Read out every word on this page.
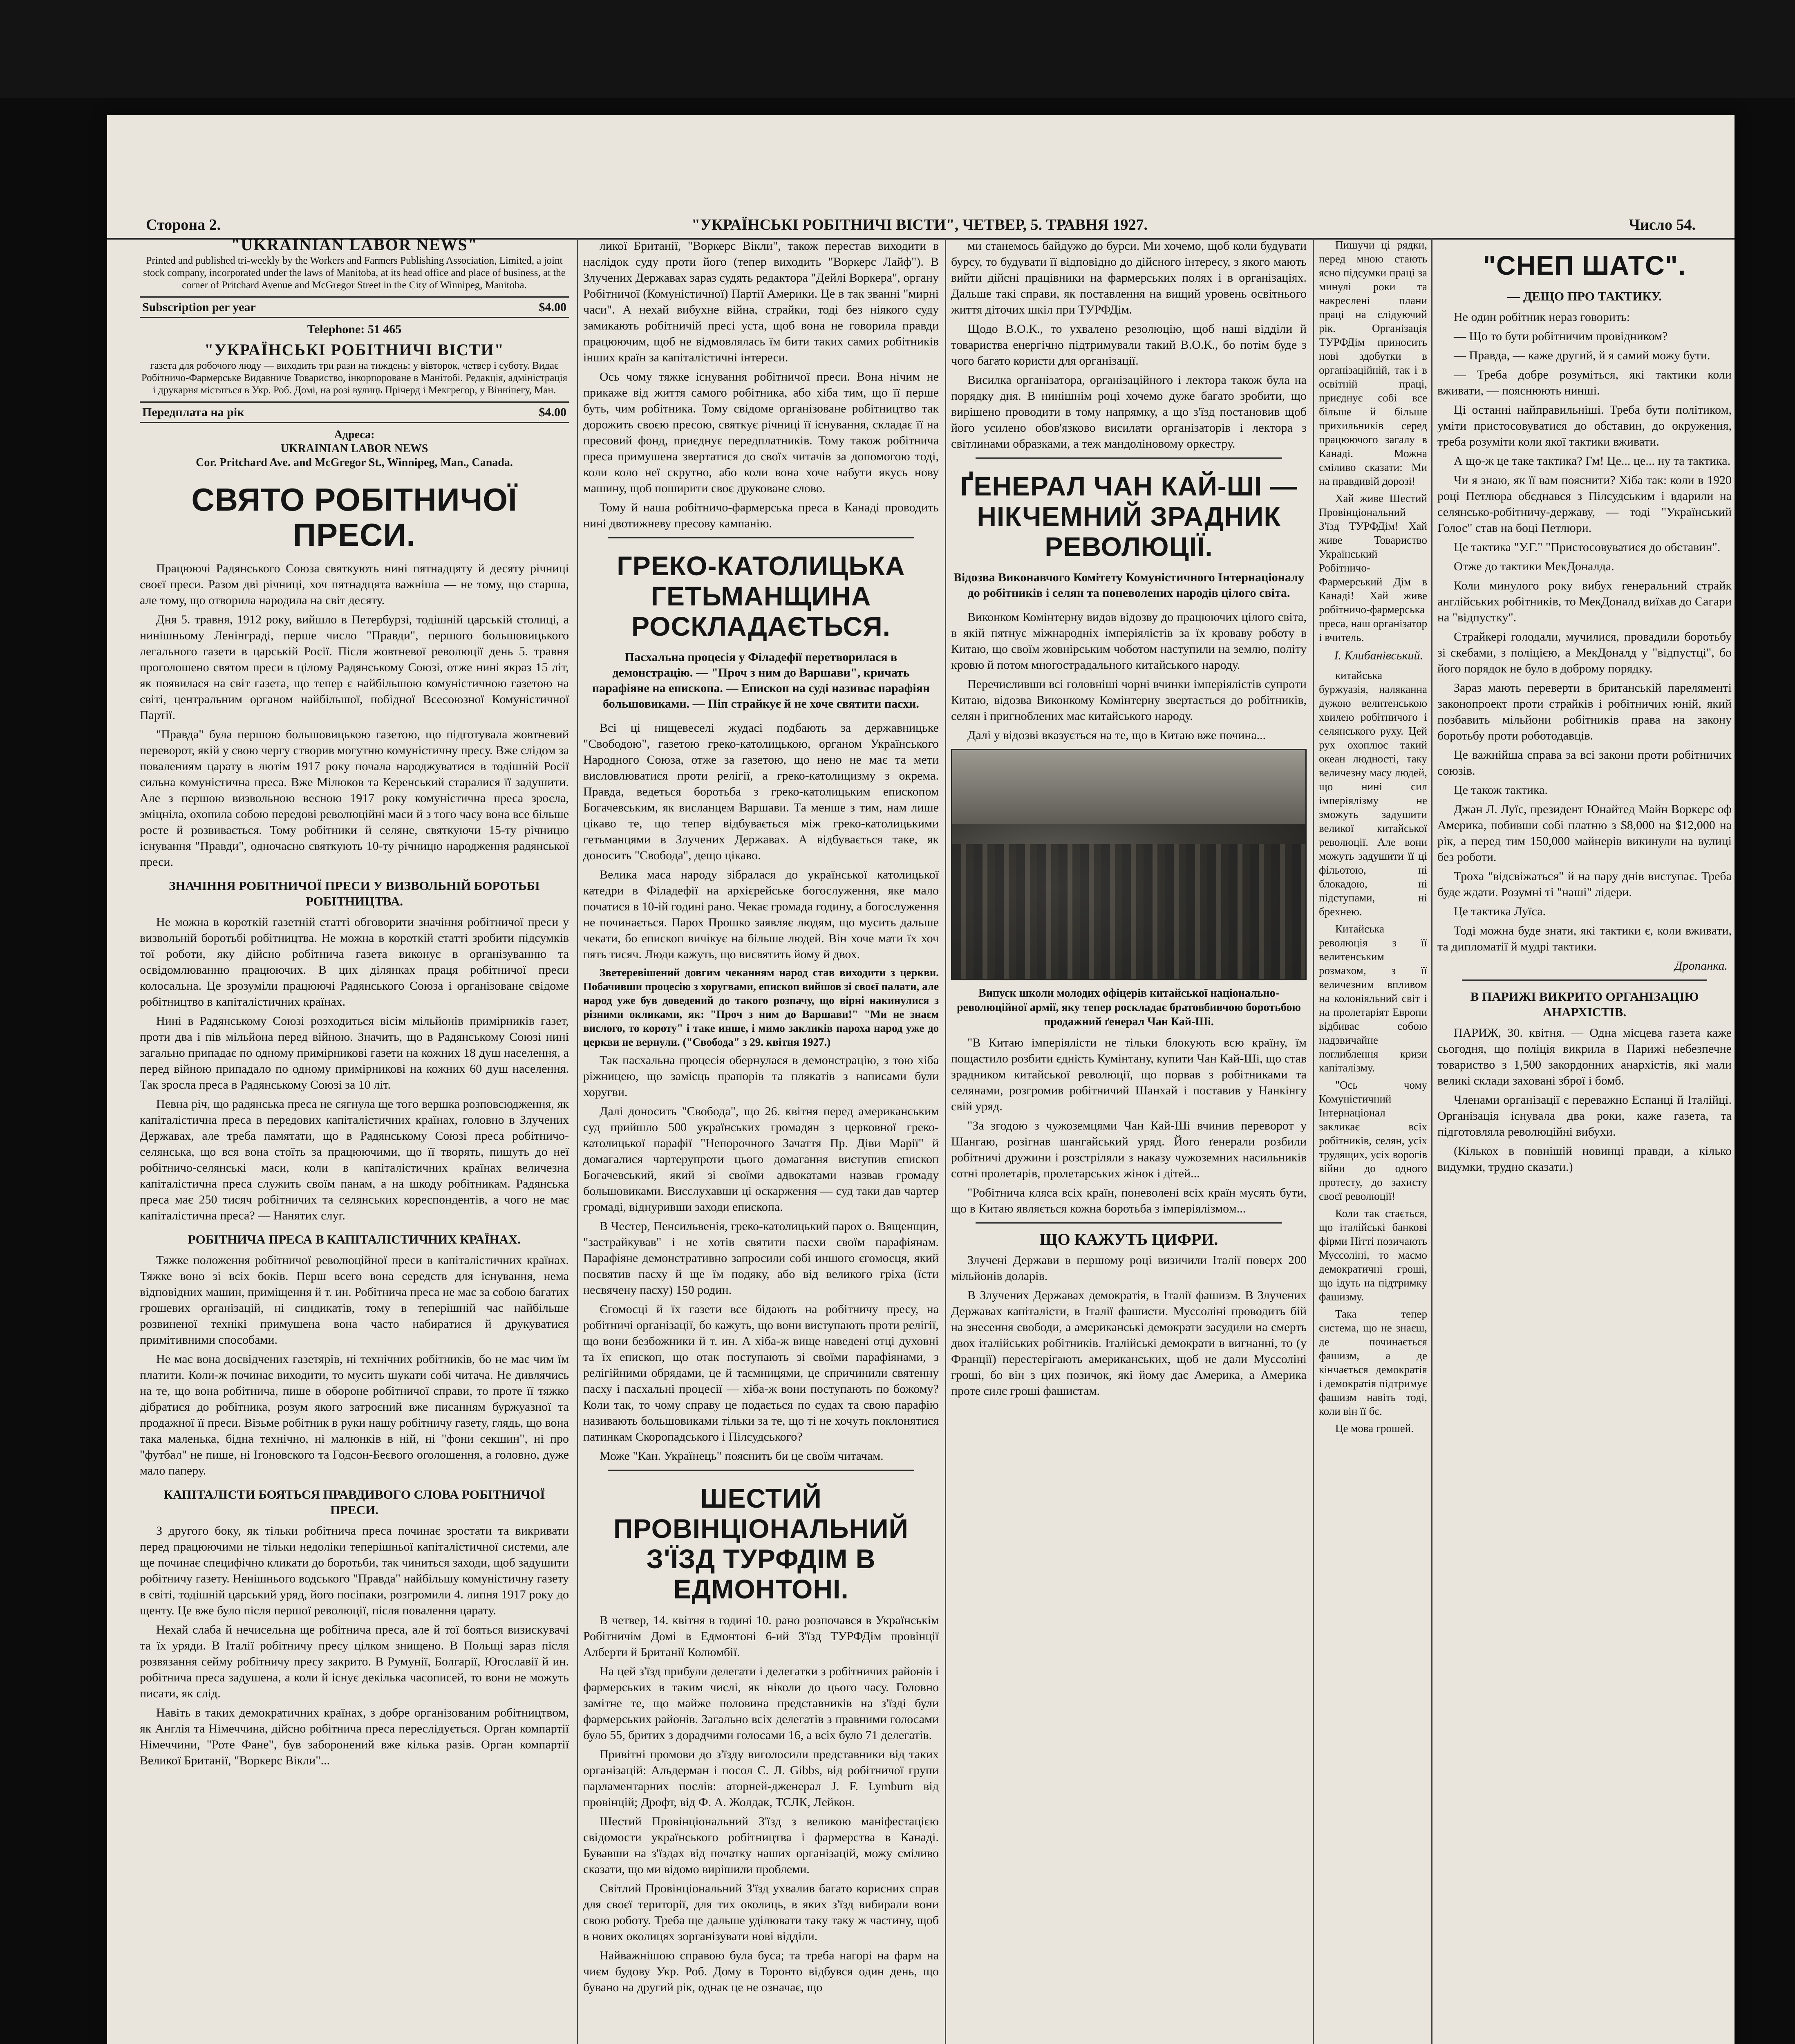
Сторона 2.	"УКРАЇНСЬКІ РОБІТНИЧІ ВІСТИ", ЧЕТВЕР, 5. ТРАВНЯ 1927.	Число 54.
"UKRAINIAN LABOR NEWS"
Printed and published tri-weekly by the Workers and Farmers Publishing Association, Limited, a joint stock company, incorporated under the laws of Manitoba, at its head office and place of business, at the corner of Pritchard Avenue and McGregor Street in the City of Winnipeg, Manitoba.
Subscription per year	$4.00
Telephone: 51 465
"УКРАЇНСЬКІ РОБІТНИЧІ ВІСТИ"
газета для робочого люду — виходить три рази на тиждень: у вівторок, четвер і суботу. Видає Робітничо-Фармерське Видавниче Товариство, інкорпороване в Манітобі. Редакція, адміністрація і друкарня містяться в Укр. Роб. Домі, на розі вулиць Прічерд і Мекгрегор, у Вінніпегу, Ман.
Передплата на рік	$4.00
Адреса:
UKRAINIAN LABOR NEWS
Cor. Pritchard Ave. and McGregor St., Winnipeg, Man., Canada.
СВЯТО РОБІТНИЧОЇ ПРЕСИ.

Працюючі Радянського Союза святкують нині пятнадцяту й десяту річниці своєї преси. Разом дві річниці, хоч пятнадцята важніша — не тому, що старша, але тому, що отворила народила на світ десяту.

Дня 5. травня, 1912 року, вийшло в Петербурзі, тодішній царській столиці, а нинішньому Ленінграді, перше число "Правди", першого большовицького легального газети в царській Росії. Після жовтневої революції день 5. травня проголошено святом преси в цілому Радянському Союзі, отже нині якраз 15 літ, як появилася на світ газета, що тепер є найбільшою комуністичною газетою на світі, центральним органом найбільшої, побідної Всесоюзної Комуністичної Партії.

"Правда" була першою большовицькою газетою, що підготувала жовтневий переворот, якій у свою чергу створив могутню комуністичну пресу. Вже слідом за повалениям царату в лютім 1917 року почала народжуватися в тодішній Росії сильна комуністична преса. Вже Мілюков та Керенський старалися її задушити. Але з першою визвольною весною 1917 року комуністична преса зросла, зміцніла, охопила собою передові революційні маси й з того часу вона все більше росте й розвивається. Тому робітники й селяне, святкуючи 15-ту річницю існування "Правди", одночасно святкують 10-ту річницю народження радянської преси.

ЗНАЧІННЯ РОБІТНИЧОЇ ПРЕСИ У ВИЗВОЛЬНІЙ БОРОТЬБІ РОБІТНИЦТВА.

Не можна в короткій газетній статті обговорити значіння робітничої преси у визвольній боротьбі робітництва. Не можна в короткій статті зробити підсумків тої роботи, яку дійсно робітнича газета виконує в організуванню та освідомлюванню працюючих. В цих ділянках праця робітничої преси колосальна. Це зрозуміли працюючі Радянського Союза і організоване свідоме робітництво в капіталістичних країнах.

Нині в Радянському Союзі розходиться вісім мільйонів примірників газет, проти два і пів мільйона перед війною. Значить, що в Радянському Союзі нині загально припадає по одному примірникові газети на кожних 18 душ населення, а перед війною припадало по одному примірникові на кожних 60 душ населення. Так зросла преса в Радянському Союзі за 10 літ.

Певна річ, що радянська преса не сягнула ще того вершка розповсюдження, як капіталістична преса в передових капіталістичних країнах, головно в Злучених Державах, але треба памятати, що в Радянському Союзі преса робітничо-селянська, що вся вона стоїть за працюючими, що її творять, пишуть до неї робітничо-селянські маси, коли в капіталістичних країнах величезна капіталістична преса служить своїм панам, а на шкоду робітникам. Радянська преса має 250 тисяч робітничих та селянських кореспондентів, а чого не має капіталістична преса? — Нанятих слуг.

РОБІТНИЧА ПРЕСА В КАПІТАЛІСТИЧНИХ КРАЇНАХ.

Тяжке положення робітничої революційної преси в капіталістичних країнах. Тяжке воно зі всіх боків. Перш всего вона середств для існування, нема відповідних машин, приміщення й т. ин. Робітнича преса не має за собою багатих грошевих організацій, ні синдикатів, тому в теперішній час найбільше розвиненої технікі примушена вона часто набиратися й друкуватися примітивними способами.

Не має вона досвідчених газетярів, ні технічних робітників, бо не має чим їм платити. Коли-ж починає виходити, то мусить шукати собі читача. Не дивлячись на те, що вона робітнича, пише в обороне робітничої справи, то проте її тяжко дібратися до робітника, розум якого затроєний вже писанням буржуазної та продажної її преси. Візьме робітник в руки нашу робітничу газету, глядь, що вона така маленька, бідна технічно, ні малюнків в ній, ні "фони секшин", ні про "футбал" не пише, ні Ігоновского та Годсон-Беєвого оголошення, а головно, дуже мало паперу.

КАПІТАЛІСТИ БОЯТЬСЯ ПРАВДИВОГО СЛОВА РОБІТНИЧОЇ ПРЕСИ.

З другого боку, як тільки робітнича преса починає зростати та викривати перед працюючими не тільки недоліки теперішньої капіталістичної системи, але ще починає специфічно кликати до боротьби, так чиниться заходи, щоб задушити робітничу газету. Ненішнього водського "Правда" найбільшу комуністичну газету в світі, тодішній царський уряд, його посіпаки, розгромили 4. липня 1917 року до щенту. Це вже було після першої революції, після повалення царату.

Нехай слаба й нечисельна ще робітнича преса, але й тої бояться визискувачі та їх уряди. В Італії робітничу пресу цілком знищено. В Польщі зараз після розвязання сейму робітничу пресу закрито. В Румунії, Болгарії, Югославії й ин. робітнича преса задушена, а коли й існує декілька часописей, то вони не можуть писати, як слід.

Навіть в таких демократичних країнах, з добре організованим робітництвом, як Англія та Німеччина, дійсно робітнича преса переслідується. Орган компартії Німеччини, "Роте Фане", був заборонений вже кілька разів. Орган компартії Великої Британії, "Воркерс Вікли"...

ликої Британії, "Воркерс Вікли", також перестав виходити в наслідок суду проти його (тепер виходить "Воркерс Лайф"). В Злучених Державах зараз судять редактора "Дейлі Воркера", органу Робітничої (Комуністичної) Партії Америки. Це в так званні "мирні часи". А нехай вибухне війна, страйки, тоді без ніякого суду замикають робітничій пресі уста, щоб вона не говорила правди працюючим, щоб не відмовлялась їм бити таких самих робітників інших країн за капіталістичні інтереси.

Ось чому тяжке існування робітничої преси. Вона нічим не прикаже від життя самого робітника, або хіба тим, що її перше буть, чим робітника. Тому свідоме організоване робітництво так дорожить своєю пресою, святкує річниці її існування, складає її на пресовий фонд, приєднує передплатників. Тому також робітнича преса примушена звертатися до своїх читачів за допомогою тоді, коли коло неї скрутно, або коли вона хоче набути якусь нову машину, щоб поширити своє друковане слово.

Тому й наша робітничо-фармерська преса в Канаді проводить нині двотижневу пресову кампанію.

ГРЕКО-КАТОЛИЦЬКА ГЕТЬМАНЩИНА РОСКЛАДАЄТЬСЯ.
Пасхальна процесія у Філадефії перетворилася в демонстрацію. — "Проч з ним до Варшави", кричать парафіяне на епископа. — Епископ на суді називає парафіян большовиками. — Піп страйкує й не хоче святити пасхи.

Всі ці нищевеселі жудасі подбають за державницьке "Свободою", газетою греко-католицькою, органом Українського Народного Союза, отже за газетою, що нено не має та мети висловлюватися проти релігії, а греко-католицизму з окрема. Правда, ведеться боротьба з греко-католицьким епископом Богачевським, як висланцем Варшави. Та менше з тим, нам лише цікаво те, що тепер відбувається між греко-католицькими гетьманцями в Злучених Державах. А відбувається таке, як доносить "Свобода", дещо цікаво.

Велика маса народу зібралася до української католицької катедри в Філадефії на архієрейське богослуження, яке мало початися в 10-ій годині рано. Чекає громада годину, а богослуження не починається. Парох Прошко заявляє людям, що мусить дальше чекати, бо епископ вичікує на більше людей. Він хоче мати їх хоч пять тисяч. Люди кажуть, що висвятить йому й двох.

Зветеревішений довгим чеканням народ став виходити з церкви. Побачивши процесію з хоругвами, епископ вийшов зі своєї палати, але народ уже був доведений до такого розпачу, що вірні накинулися з різними окликами, як: "Проч з ним до Варшави!" "Ми не знаєм вислого, то короту" і таке инше, і мимо закликів пароха народ уже до церкви не вернули. ("Свобода" з 29. квітня 1927.)

Так пасхальна процесія обернулася в демонстрацію, з тою хіба ріжницею, що замісць прапорів та плякатів з написами були хоругви.

Далі доносить "Свобода", що 26. квітня перед американським суд прийшло 500 українських громадян з церковної греко-католицької парафії "Непорочного Зачаття Пр. Діви Марії" й домагалися чартерупроти цього домагання виступив епископ Богачевський, який зі своїми адвокатами назвав громаду большовиками. Висслухавши ці оскарження — суд таки дав чартер громаді, віднуривши заходи епископа.

В Честер, Пенсильвенія, греко-католицький парох о. Вященщин, "застрайкував" і не хотів святити пасхи своїм парафіянам. Парафіяне демонстративно запросили собі иншого єгомосця, який посвятив пасху й ще їм подяку, або від великого гріха (їсти несвячену пасху) 150 родин.

Єгомосці й їх газети все бідають на робітничу пресу, на робітничі організації, бо кажуть, що вони виступають проти релігії, що вони безбожники й т. ин. А хіба-ж вище наведені отці духовні та їх епископ, що отак поступають зі своїми парафіянами, з релігійними обрядами, це й таємницями, це спричинили святенну пасху і пасхальні процесії — хіба-ж вони поступають по божому? Коли так, то чому справу це подається по судах та свою парафію називають большовиками тільки за те, що ті не хочуть поклонятися патинкам Скоропадського і Пілсудського?

Може "Кан. Українець" пояснить би це своїм читачам.

ШЕСТИЙ ПРОВІНЦІОНАЛЬНИЙ З'ЇЗД ТУРФДІМ В ЕДМОНТОНІ.

В четвер, 14. квітня в годині 10. рано розпочався в Українськім Робітничім Домі в Едмонтоні 6-ий З'їзд ТУРФДім провінції Алберти й Британії Колюмбії.

На цей з'їзд прибули делегати і делегатки з робітничих районів і фармерських в таким числі, як ніколи до цього часу. Головно замітне те, що майже половина представників на з'їзді були фармерських районів. Загально всіх делегатів з правними голосами було 55, бритих з дорадчими голосами 16, а всіх було 71 делегатів.

Привітні промови до з'їзду виголосили представники від таких організацій: Альдерман і посол С. Л. Gibbs, від робітничої групи парламентарних послів: аторней-дженерал J. F. Lymburn від провінцій; Дрофт, від Ф. А. Жолдак, ТСЛК, Лейкон.

Шестий Провінціональний З'їзд з великою маніфестацією свідомости українського робітництва і фармерства в Канаді. Бувавши на з'їздах від початку наших організацій, можу сміливо сказати, що ми відомо вирішили проблеми.

Світлий Провінціональний З'їзд ухвалив багато корисних справ для своєї території, для тих околиць, в яких з'їзд вибирали вони свою роботу. Треба ще дальше уділювати таку таку ж частину, щоб в нових околицях зорганізувати нові відділи.

Найважнішою справою була буса; та треба нагорі на фарм на чиєм будову Укр. Роб. Дому в Торонто відбувся один день, що бувано на другий рік, однак це не означає, що

ми станемось байдужо до бурси. Ми хочемо, щоб коли будувати бурсу, то будувати її відповідно до дійсного інтересу, з якого мають вийти дійсні працівники на фармерських полях і в організаціях. Дальше такі справи, як поставлення на вищий уровень освітнього життя діточих шкіл при ТУРФДім.

Щодо В.О.К., то ухвалено резолюцію, щоб наші відділи й товариства енергічно підтримували такий В.О.К., бо потім буде з чого багато користи для організації.

Висилка організатора, організаційного і лектора також була на порядку дня. В нинішнім році хочемо дуже багато зробити, що вирішено проводити в тому напрямку, а що з'їзд постановив щоб його усилено обов'язково висилати організаторів і лектора з світлинами образками, а теж мандоліновому оркестру.

ҐЕНЕРАЛ ЧАН КАЙ-ШІ — НІКЧЕМНИЙ ЗРАДНИК РЕВОЛЮЦІЇ.
Відозва Виконавчого Комітету Комуністичного Інтернаціоналу до робітників і селян та поневолених народів цілого світа.

Виконком Комінтерну видав відозву до працюючих цілого світа, в якій пятнує міжнародніх імперіялістів за їх кроваву роботу в Китаю, що своїм жовнірським чоботом наступили на землю, політу кровю й потом многострадального китайського народу.

Перечисливши всі головніші чорні вчинки імперіялістів супроти Китаю, відозва Виконкому Комінтерну звертається до робітників, селян і пригноблених мас китайського народу.

Далі у відозві вказується на те, що в Китаю вже почина...

Випуск школи молодих офіцерів китайської національно-революційної армії, яку тепер роскладає братовбивчою боротьбою продажний ґенерал Чан Кай-Ші.

"В Китаю імперіялісти не тільки блокують всю країну, їм пощастило розбити єдність Кумінтану, купити Чан Кай-Ші, що став зрадником китайської революції, що порвав з робітниками та селянами, розгромив робітничий Шанхай і поставив у Нанкінгу свій уряд.

"За згодою з чужоземцями Чан Кай-Ші вчинив переворот у Шангаю, розігнав шангайський уряд. Його ґенерали розбили робітничі дружини і розстріляли з наказу чужоземних насильників сотні пролетарів, пролетарських жінок і дітей...

"Робітнича кляса всіх країн, поневолені всіх країн мусять бути, що в Китаю являється кожна боротьба з імперіялізмом...

ЩО КАЖУТЬ ЦИФРИ.

Злучені Держави в першому році визичили Італії поверх 200 мільйонів доларів.

В Злучених Державах демократія, в Італії фашизм. В Злучених Державах капіталісти, в Італії фашисти. Муссоліні проводить бій на знесення свободи, а американські демократи засудили на смерть двох італійських робітників. Італійські демократи в вигнанні, то (у Франції) перестерігають американських, щоб не дали Муссоліні гроші, бо він з цих позичок, які йому дає Америка, а Америка проте силє гроші фашистам.

Пишучи ці рядки, перед мною стають ясно підсумки праці за минулі роки та накреслені плани праці на слідуючий рік. Організація ТУРФДім приносить нові здобутки в організаційній, так і в освітній праці, приєднує собі все більше й більше прихильників серед працюючого загалу в Канаді. Можна сміливо сказати: Ми на правдивій дорозі!

Хай живе Шестий Провінціональний З'їзд ТУРФДім! Хай живе Товариство Український Робітничо-Фармерський Дім в Канаді! Хай живе робітничо-фармерська преса, наш організатор і вчитель.

І. Клибанівський.

китайська буржуазія, наляканна дужою велитенською хвилею робітничого і селянського руху. Цей рух охоплює такий океан людності, таку величезну масу людей, що нині сил імперіялізму не зможуть задушити великої китайської революції. Але вони можуть задушити її ці фільотою, ні блокадою, ні підступами, ні брехнею.

Китайська революція з її велитенським розмахом, з її величезним впливом на колоніяльний світ і на пролетаріят Европи відбиває собою надзвичайне поглиблення кризи капіталізму.

"Ось чому Комуністичний Інтернаціонал закликає всіх робітників, селян, усіх трудящих, усіх ворогів війни до одного протесту, до захисту своєї революції!

Коли так стається, що італійські банкові фірми Нітті позичають Муссоліні, то маємо демократичні гроші, що ідуть на підтримку фашизму.

Така тепер система, що не знаєш, де починається фашизм, а де кінчається демократія і демократія підтримує фашизм навіть тоді, коли він її бє.

Це мова грошей.

"СНЕП ШАТС".
— ДЕЩО ПРО ТАКТИКУ.

Не один робітник нераз говорить:

— Що то бути робітничим провідником?

— Правда, — каже другий, й я самий можу бути.

— Треба добре розуміться, які тактики коли вживати, — пояснюють нинші.

Ці останні найправильніші. Треба бути політиком, уміти пристосовуватися до обставин, до окружения, треба розуміти коли якої тактики вживати.

А що-ж це таке тактика? Гм! Це... це... ну та тактика.

Чи я знаю, як її вам пояснити? Хіба так: коли в 1920 році Петлюра обєднався з Пілсудським і вдарили на селянсько-робітничу-державу, — тоді "Український Голос" став на боці Петлюри.

Це тактика "У.Г." "Пристосовуватися до обставин".

Отже до тактики МекДоналда.

Коли минулого року вибух генеральний страйк англійських робітників, то МекДоналд виїхав до Сагари на "відпустку".

Страйкері голодали, мучилися, провадили боротьбу зі скебами, з поліцією, а МекДоналд у "відпустці", бо його порядок не було в доброму порядку.

Зараз мають переверти в британській пареляменті законопроект проти страйків і робітничих юній, який позбавить мільйони робітників права на закону боротьбу проти роботодавців.

Це важнійша справа за всі закони проти робітничих союзів.

Це також тактика.

Джан Л. Луїс, президент Юнайтед Майн Воркерс оф Америка, побивши собі платню з $8,000 на $12,000 на рік, а перед тим 150,000 майнерів викинули на вулиці без роботи.

Троха "відсвіжаться" й на пару днів виступає. Треба буде ждати. Розумні ті "наші" лідери.

Це тактика Луїса.

Тоді можна буде знати, які тактики є, коли вживати, та дипломатії й мудрі тактики.

Дропанка.
В ПАРИЖІ ВИКРИТО ОРГАНІЗАЦІЮ АНАРХІСТІВ.

ПАРИЖ, 30. квітня. — Одна місцева газета каже сьогодня, що поліція викрила в Парижі небезпечне товариство з 1,500 закордонних анархістів, які мали великі склади заховані зброї і бомб.

Членами організації є переважно Еспанці й Італійці. Організація існувала два роки, каже газета, та підготовляла революційні вибухи.

(Кількох в повнішій новинці правди, а кілько видумки, трудно сказати.)
